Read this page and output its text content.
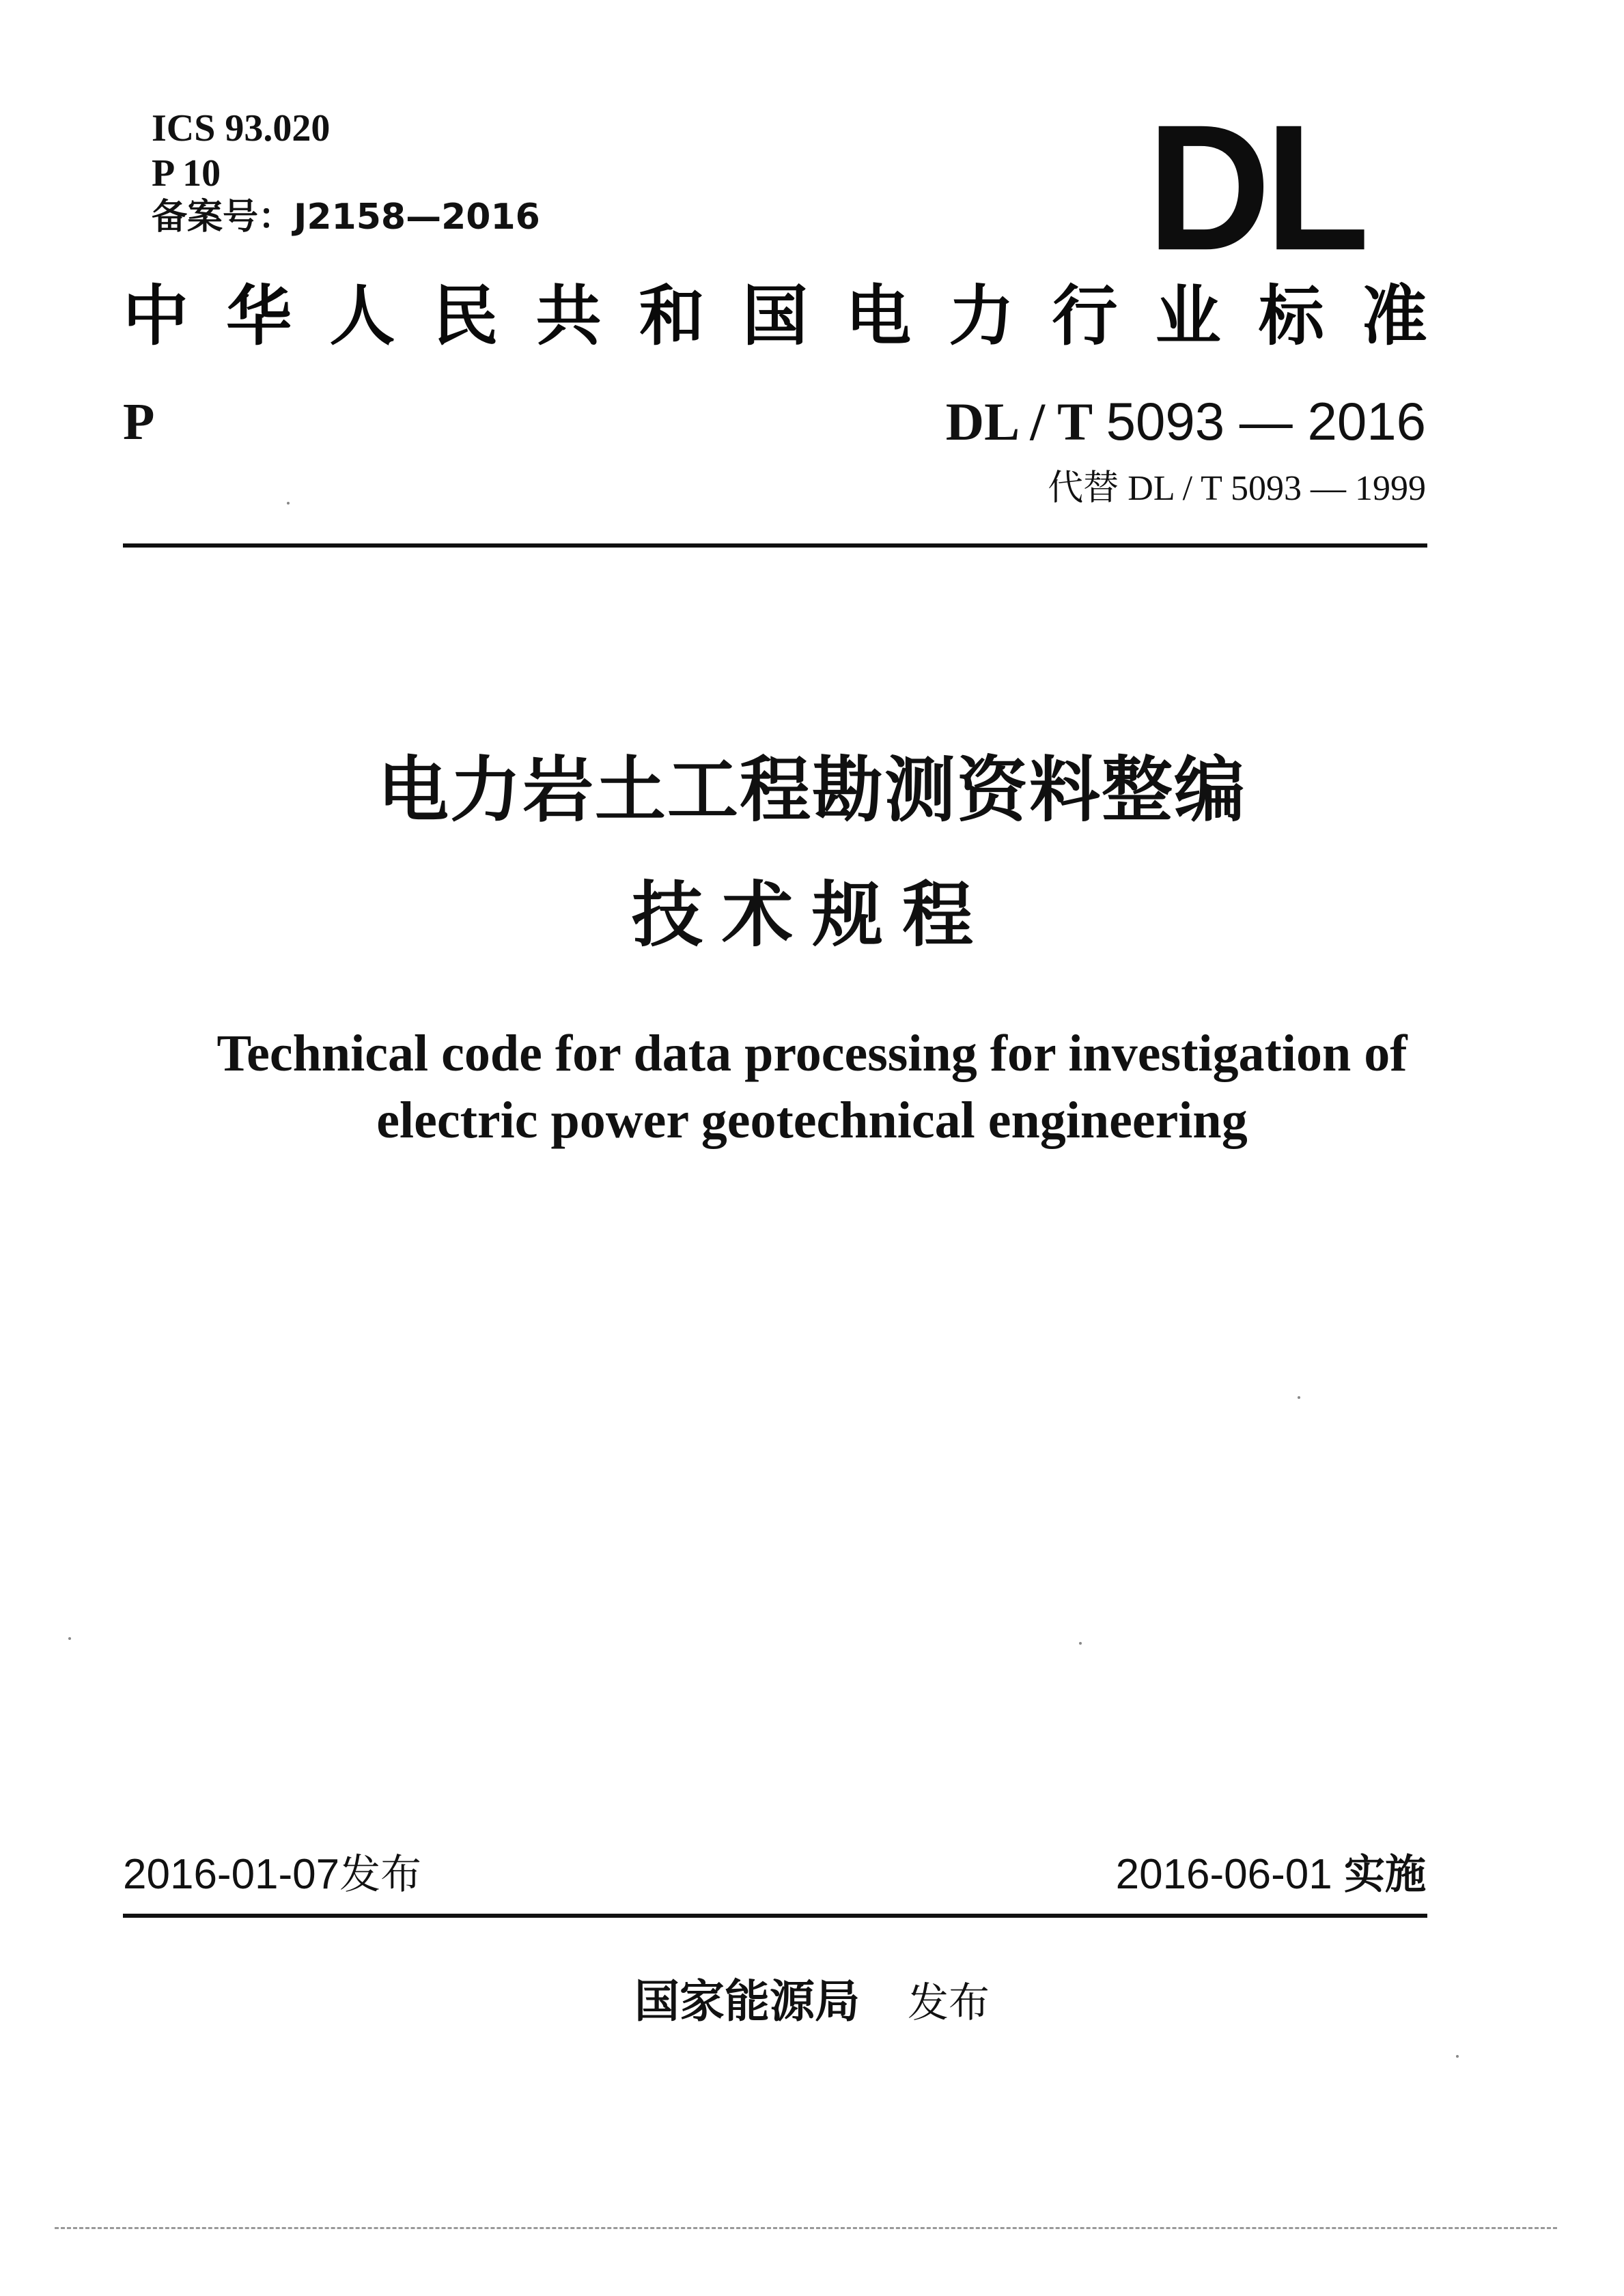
ICS 93.020
P 10
备案号：J2158—2016	DL
中 华 人 民 共 和 国 电 力 行 业 标 准
P	DL / T 5093 — 2016
代替 DL / T 5093 — 1999
电力岩土工程勘测资料整编
技术规程
Technical code for data processing for investigation of
electric power geotechnical engineering
2016-01-07发布	2016-06-01 实施
国家能源局 发布
